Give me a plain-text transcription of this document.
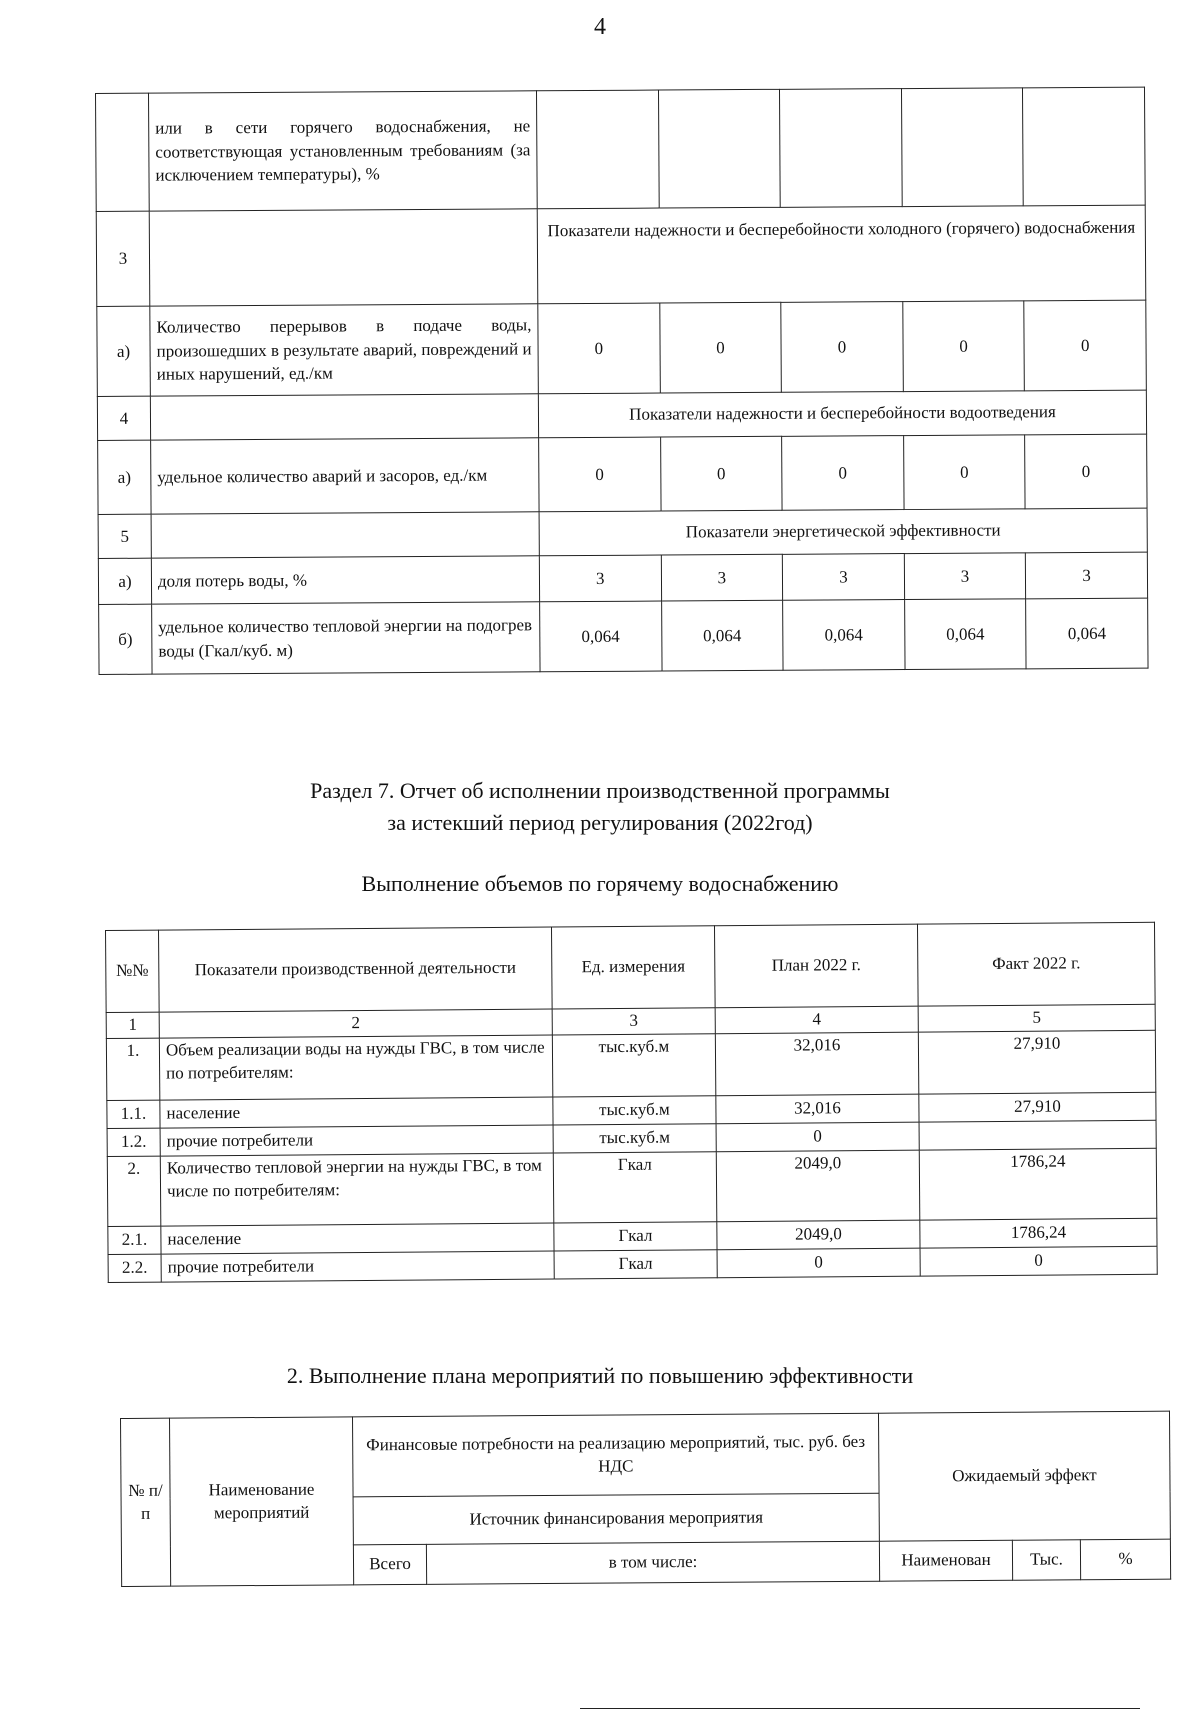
4
	или в сети горячего водоснабжения, не соответствующая установленным требованиям (за исключением температуры), %					
3		Показатели надежности и бесперебойности холодного (горячего) водоснабжения				
а)	Количество перерывов в подаче воды, произошедших в результате аварий, повреждений и иных нарушений, ед./км	0	0	0	0	0
4		Показатели надежности и бесперебойности водоотведения				
а)	удельное количество аварий и засоров, ед./км	0	0	0	0	0
5		Показатели энергетической эффективности				
а)	доля потерь воды, %	3	3	3	3	3
б)	удельное количество тепловой энергии на подогрев воды (Гкал/куб. м)	0,064	0,064	0,064	0,064	0,064
Раздел 7. Отчет об исполнении производственной программы
за истекший период регулирования (2022год)
Выполнение объемов по горячему водоснабжению
№№	Показатели производственной деятельности	Ед. измерения	План 2022 г.	Факт 2022 г.
1	2	3	4	5
1.	Объем реализации воды на нужды ГВС, в том числе по потребителям:	тыс.куб.м	32,016	27,910
1.1.	население	тыс.куб.м	32,016	27,910
1.2.	прочие потребители	тыс.куб.м	0	
2.	Количество тепловой энергии на нужды ГВС, в том числе по потребителям:	Гкал	2049,0	1786,24
2.1.	население	Гкал	2049,0	1786,24
2.2.	прочие потребители	Гкал	0	0
2. Выполнение плана мероприятий по повышению эффективности
№ п/п	Наименование мероприятий	Финансовые потребности на реализацию мероприятий, тыс. руб. без НДС		Ожидаемый эффект		
		Источник финансирования мероприятия				
		Всего	в том числе:	Наименован	Тыс.	%
